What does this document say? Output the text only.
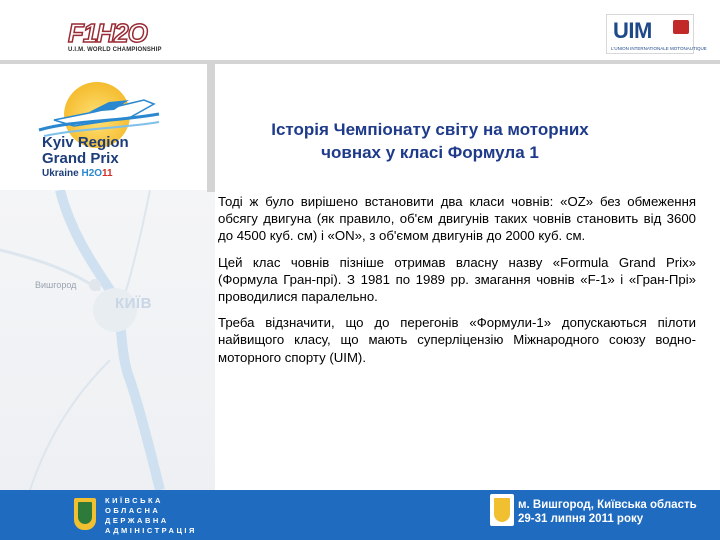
Вишгород
КИЇВ
F1H2O
U.I.M. WORLD CHAMPIONSHIP
UIM
L'UNION INTERNATIONALE MOTONAUTIQUE
Kyiv Region
Grand Prix
Ukraine H2O11
Історія Чемпіонату світу на моторних
човнах у класі Формула 1

Тоді ж було вирішено встановити два класи човнів: «OZ» без обмеження обсягу двигуна (як правило, об'єм двигунів таких човнів становить від 3600 до 4500 куб. см) і «ON», з об'ємом двигунів до 2000 куб. см.

Цей клас човнів пізніше отримав власну назву «Formula Grand Prix» (Формула Гран-прі). З 1981 по 1989 рр. змагання човнів «F-1» і «Гран-Прі» проводилися паралельно.

Треба відзначити, що до перегонів «Формули-1» допускаються пілоти найвищого класу, що мають суперліцензію Міжнародного союзу водно-моторного спорту (UIM).

КИЇВСЬКА
ОБЛАСНА
ДЕРЖАВНА
АДМІНІСТРАЦІЯ
м. Вишгород, Київська область
29-31 липня 2011 року
